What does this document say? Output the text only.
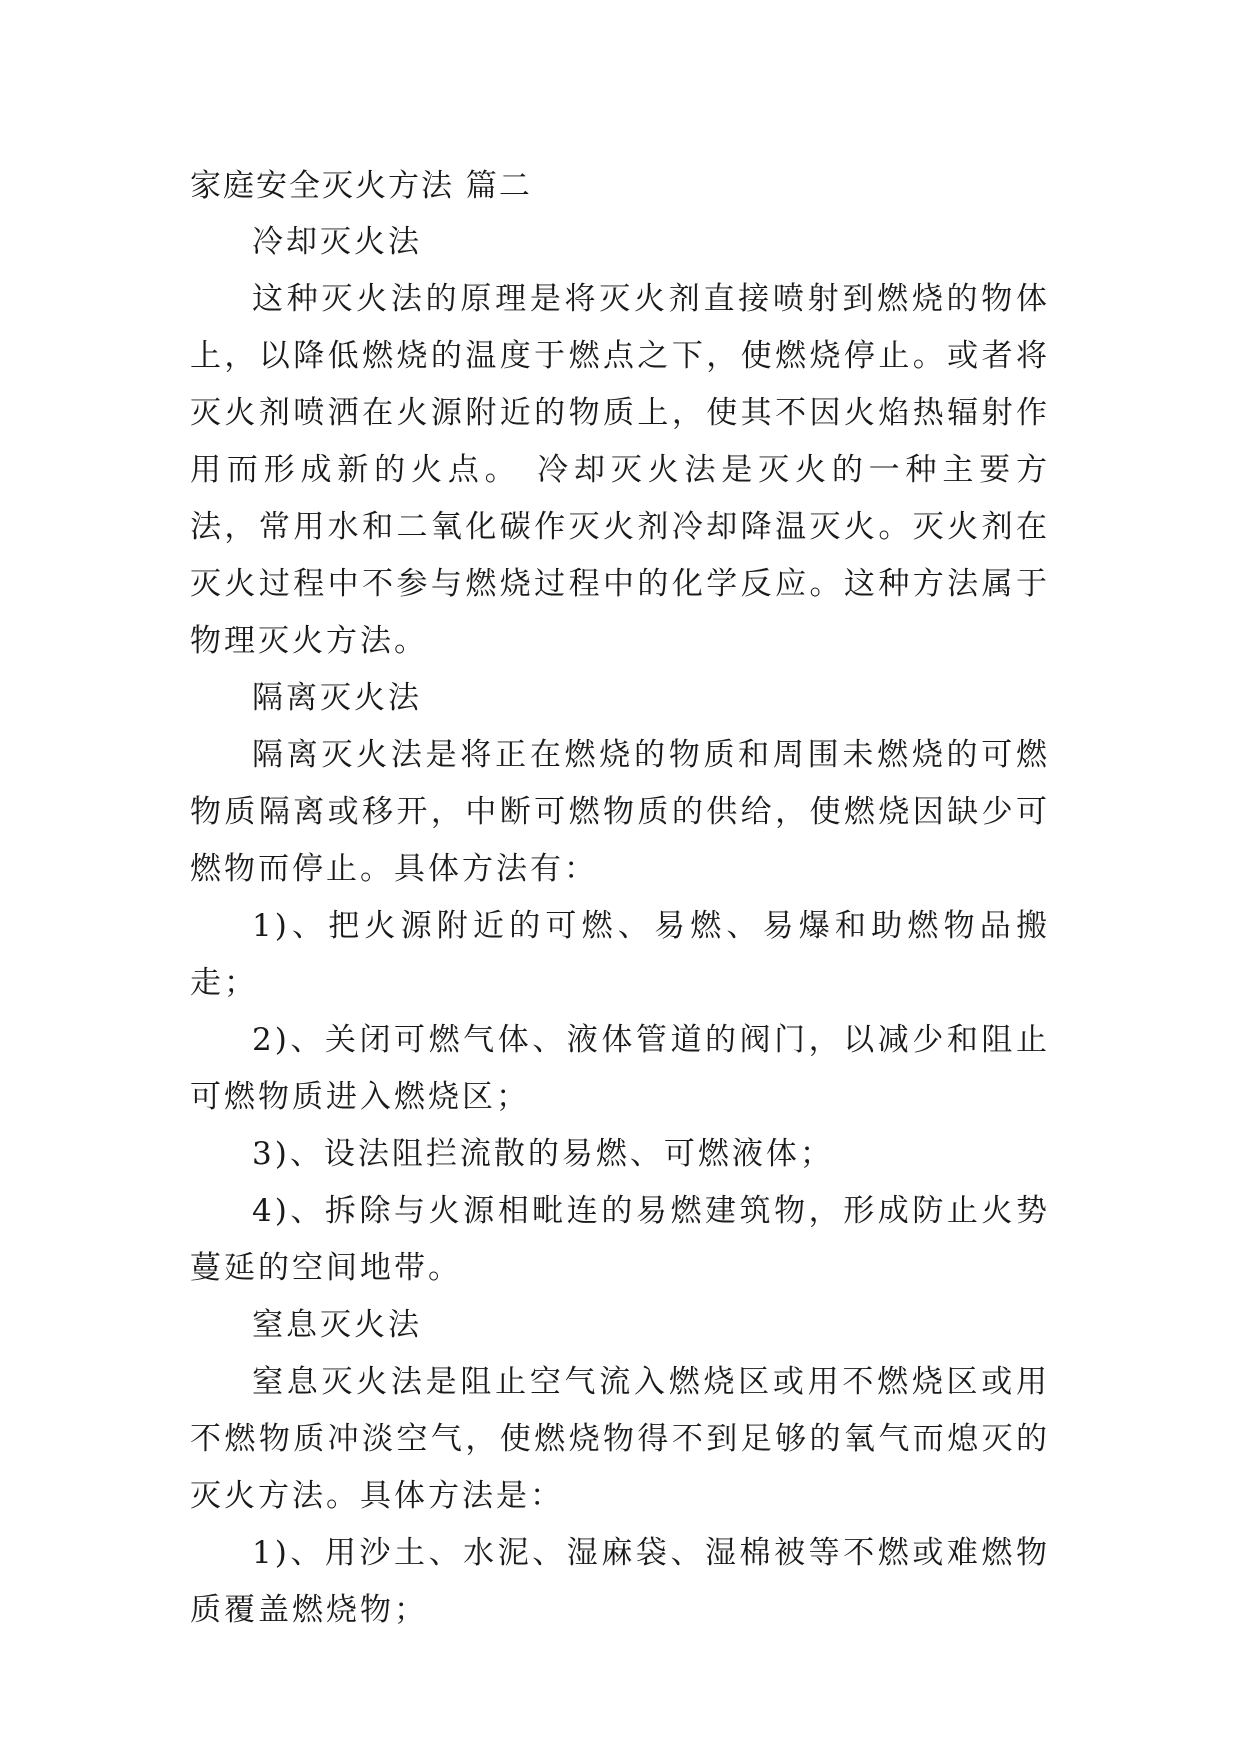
家庭安全灭火方法 篇二
冷却灭火法

这种灭火法的原理是将灭火剂直接喷射到燃烧的物体上，以降低燃烧的温度于燃点之下，使燃烧停止。或者将灭火剂喷洒在火源附近的物质上，使其不因火焰热辐射作用而形成新的火点。 冷却灭火法是灭火的一种主要方法，常用水和二氧化碳作灭火剂冷却降温灭火。灭火剂在灭火过程中不参与燃烧过程中的化学反应。这种方法属于物理灭火方法。

隔离灭火法

隔离灭火法是将正在燃烧的物质和周围未燃烧的可燃物质隔离或移开，中断可燃物质的供给，使燃烧因缺少可燃物而停止。具体方法有：

1)、把火源附近的可燃、易燃、易爆和助燃物品搬走；

2)、关闭可燃气体、液体管道的阀门，以减少和阻止可燃物质进入燃烧区；

3)、设法阻拦流散的易燃、可燃液体；

4)、拆除与火源相毗连的易燃建筑物，形成防止火势蔓延的空间地带。

窒息灭火法

窒息灭火法是阻止空气流入燃烧区或用不燃烧区或用不燃物质冲淡空气，使燃烧物得不到足够的氧气而熄灭的灭火方法。具体方法是：

1)、用沙土、水泥、湿麻袋、湿棉被等不燃或难燃物质覆盖燃烧物；
